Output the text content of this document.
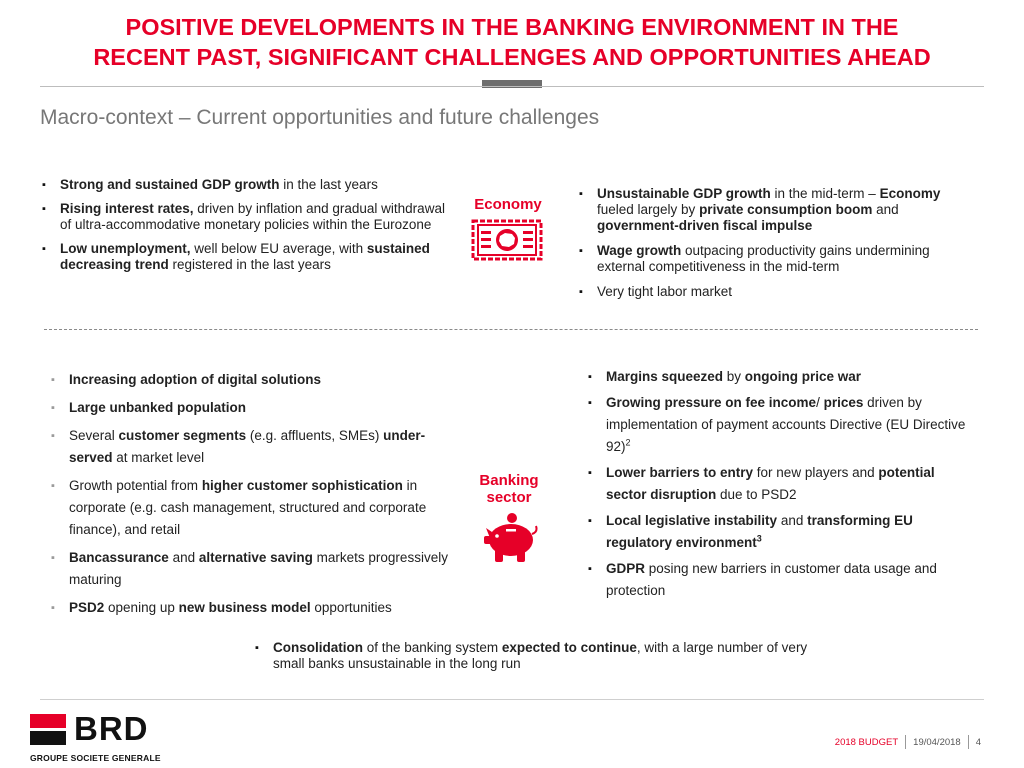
POSITIVE DEVELOPMENTS IN THE BANKING ENVIRONMENT IN THE
RECENT PAST, SIGNIFICANT CHALLENGES AND OPPORTUNITIES AHEAD
Macro-context – Current opportunities and future challenges
▪ Strong and sustained GDP growth in the last years
▪ Rising interest rates, driven by inflation and gradual withdrawal of ultra-accommodative monetary policies within the Eurozone
▪ Low unemployment, well below EU average, with sustained decreasing trend registered in the last years
Economy
▪ Unsustainable GDP growth in the mid-term – Economy fueled largely by private consumption boom and government-driven fiscal impulse
▪ Wage growth outpacing productivity gains undermining external competitiveness in the mid-term
▪ Very tight labor market
▪ Increasing adoption of digital solutions
▪ Large unbanked population
▪ Several customer segments (e.g. affluents, SMEs) under-served at market level
▪ Growth potential from higher customer sophistication in corporate (e.g. cash management, structured and corporate finance), and retail
▪ Bancassurance and alternative saving markets progressively maturing
▪ PSD2 opening up new business model opportunities
Banking
sector
▪ Margins squeezed by ongoing price war
▪ Growing pressure on fee income/ prices driven by implementation of payment accounts Directive (EU Directive 92)$^2$
▪ Lower barriers to entry for new players and potential sector disruption due to PSD2
▪ Local legislative instability and transforming EU regulatory environment$^3$
▪ GDPR posing new barriers in customer data usage and protection
▪ Consolidation of the banking system expected to continue, with a large number of very small banks unsustainable in the long run
BRD
GROUPE SOCIETE GENERALE
2018 BUDGET 19/04/2018 4
